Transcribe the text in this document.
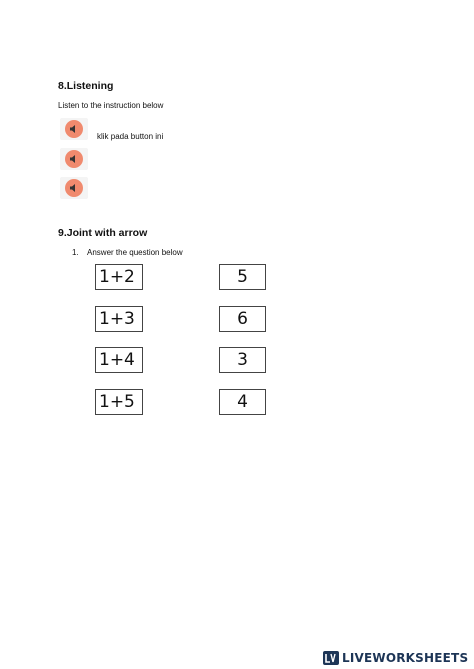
8.Listening
Listen to the instruction below
klik pada button ini
9.Joint with arrow
1. Answer the question below
1+2
1+3
1+4
1+5
5
6
3
4
LIVEWORKSHEETS
